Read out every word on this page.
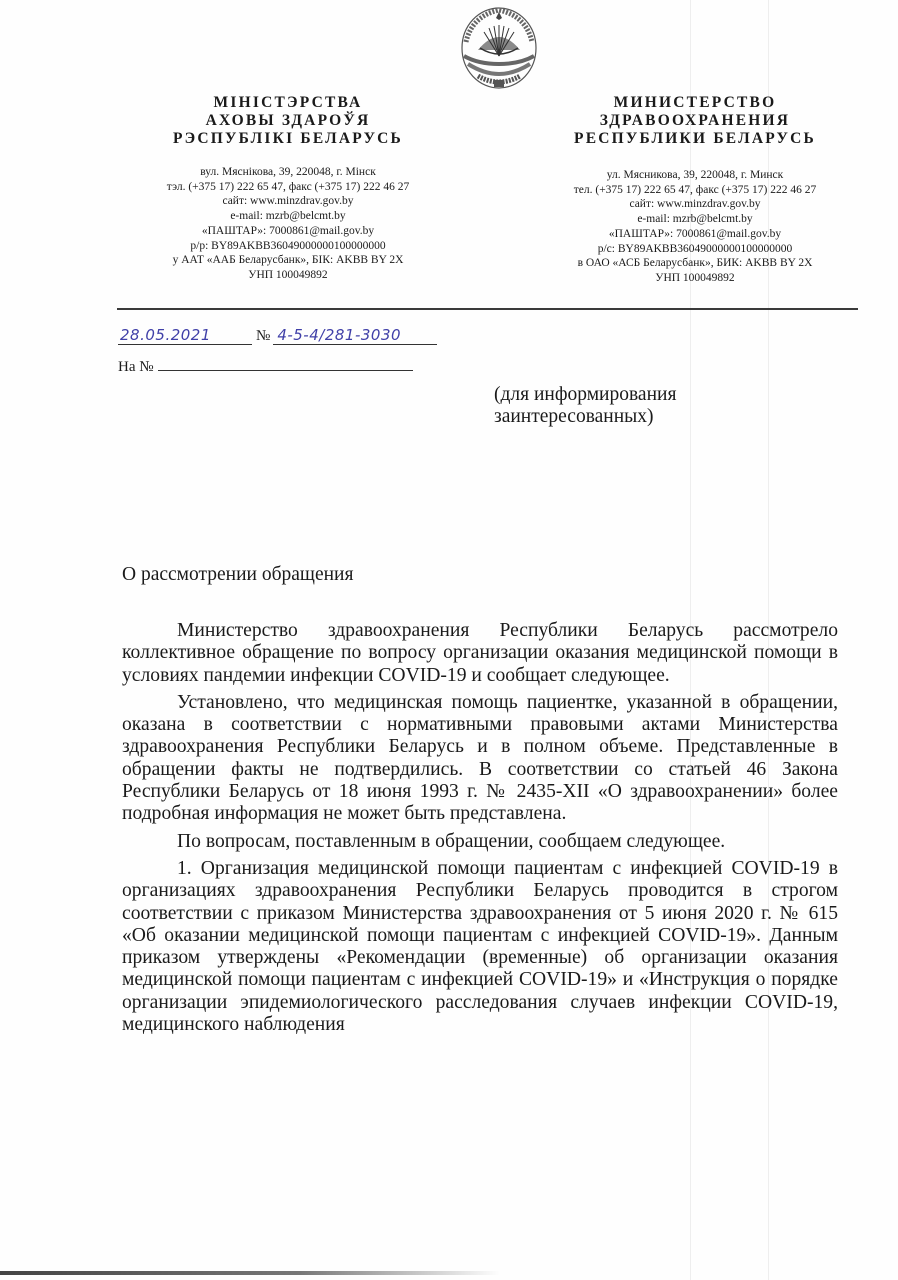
МІНІСТЭРСТВА
АХОВЫ ЗДАРОЎЯ
РЭСПУБЛІКІ БЕЛАРУСЬ
вул. Мяснікова, 39, 220048, г. Мінск
тэл. (+375 17) 222 65 47, факс (+375 17) 222 46 27
сайт: www.minzdrav.gov.by
e-mail: mzrb@belcmt.by
«ПАШТАР»: 7000861@mail.gov.by
р/р: BY89AKBB36049000000100000000
у ААТ «ААБ Беларусбанк», БІК: AKBB BY 2X
УНП 100049892
МИНИСТЕРСТВО
ЗДРАВООХРАНЕНИЯ
РЕСПУБЛИКИ БЕЛАРУСЬ
ул. Мясникова, 39, 220048, г. Минск
тел. (+375 17) 222 65 47, факс (+375 17) 222 46 27
сайт: www.minzdrav.gov.by
e-mail: mzrb@belcmt.by
«ПАШТАР»: 7000861@mail.gov.by
р/с: BY89AKBB36049000000100000000
в ОАО «АСБ Беларусбанк», БИК: AKBB BY 2X
УНП 100049892
28.05.2021	№ 4-5-4/281-3030
На №
(для информирования
заинтересованных)
О рассмотрении обращения

Министерство здравоохранения Республики Беларусь рассмотрело коллективное обращение по вопросу организации оказания медицинской помощи в условиях пандемии инфекции COVID-19 и сообщает следующее.

Установлено, что медицинская помощь пациентке, указанной в обращении, оказана в соответствии с нормативными правовыми актами Министерства здравоохранения Республики Беларусь и в полном объеме. Представленные в обращении факты не подтвердились. В соответствии со статьей 46 Закона Республики Беларусь от 18 июня 1993 г. № 2435-XII «О здравоохранении» более подробная информация не может быть представлена.

По вопросам, поставленным в обращении, сообщаем следующее.

1. Организация медицинской помощи пациентам с инфекцией COVID-19 в организациях здравоохранения Республики Беларусь проводится в строгом соответствии с приказом Министерства здравоохранения от 5 июня 2020 г. № 615 «Об оказании медицинской помощи пациентам с инфекцией COVID-19». Данным приказом утверждены «Рекомендации (временные) об организации оказания медицинской помощи пациентам с инфекцией COVID-19» и «Инструкция о порядке организации эпидемиологического расследования случаев инфекции COVID-19, медицинского наблюдения
